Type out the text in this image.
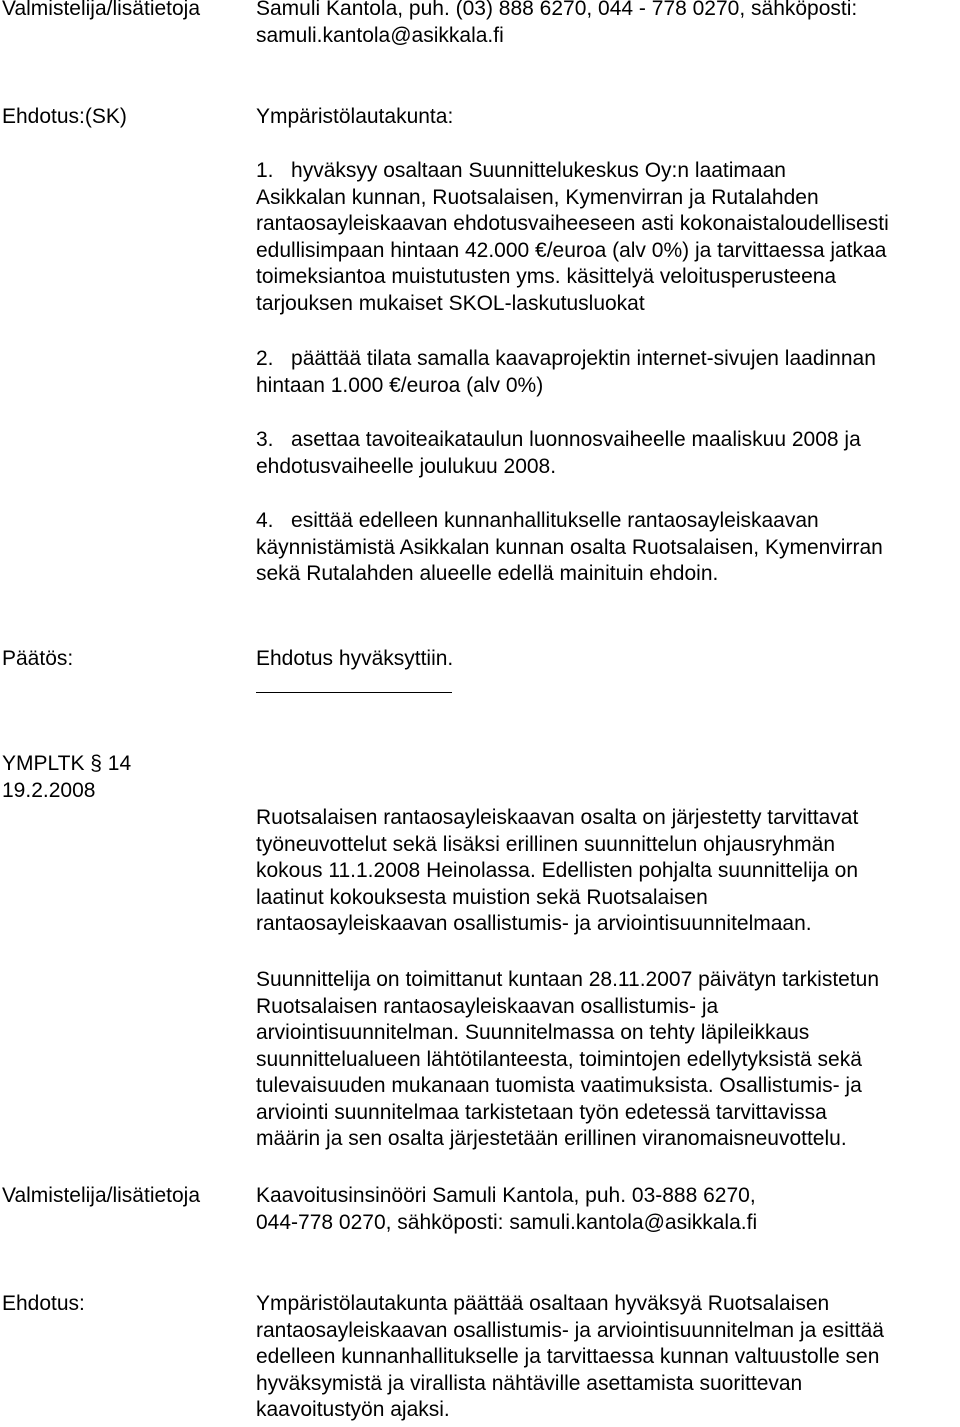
Valmistelija/lisätietoja	Samuli Kantola, puh. (03) 888 6270, 044 - 778 0270, sähköposti:
samuli.kantola@asikkala.fi
Ehdotus:(SK)	Ympäristölautakunta:
1.   hyväksyy osaltaan Suunnittelukeskus Oy:n laatimaan
Asikkalan kunnan, Ruotsalaisen, Kymenvirran ja Rutalahden
rantaosayleiskaavan ehdotusvaiheeseen asti kokonaistaloudellisesti
edullisimpaan hintaan 42.000 €/euroa (alv 0%) ja tarvittaessa jatkaa
toimeksiantoa muistutusten yms. käsittelyä veloitusperusteena
tarjouksen mukaiset SKOL-laskutusluokat
2.   päättää tilata samalla kaavaprojektin internet-sivujen laadinnan
hintaan 1.000 €/euroa (alv 0%)
3.   asettaa tavoiteaikataulun luonnosvaiheelle maaliskuu 2008 ja
ehdotusvaiheelle joulukuu 2008.
4.   esittää edelleen kunnanhallitukselle rantaosayleiskaavan
käynnistämistä Asikkalan kunnan osalta Ruotsalaisen, Kymenvirran
sekä Rutalahden alueelle edellä mainituin ehdoin.
Päätös:	Ehdotus hyväksyttiin.
YMPLTK § 14
19.2.2008
Ruotsalaisen rantaosayleiskaavan osalta on järjestetty tarvittavat
työneuvottelut sekä lisäksi erillinen suunnittelun ohjausryhmän
kokous 11.1.2008 Heinolassa. Edellisten pohjalta suunnittelija on
laatinut kokouksesta muistion sekä Ruotsalaisen
rantaosayleiskaavan osallistumis- ja arviointisuunnitelmaan.
Suunnittelija on toimittanut kuntaan 28.11.2007 päivätyn tarkistetun
Ruotsalaisen rantaosayleiskaavan osallistumis- ja
arviointisuunnitelman. Suunnitelmassa on tehty läpileikkaus
suunnittelualueen lähtötilanteesta, toimintojen edellytyksistä sekä
tulevaisuuden mukanaan tuomista vaatimuksista. Osallistumis- ja
arviointi suunnitelmaa tarkistetaan työn edetessä tarvittavissa
määrin ja sen osalta järjestetään erillinen viranomaisneuvottelu.
Valmistelija/lisätietoja	Kaavoitusinsinööri Samuli Kantola, puh. 03-888 6270,
044-778 0270, sähköposti: samuli.kantola@asikkala.fi
Ehdotus:	Ympäristölautakunta päättää osaltaan hyväksyä Ruotsalaisen
rantaosayleiskaavan osallistumis- ja arviointisuunnitelman ja esittää
edelleen kunnanhallitukselle ja tarvittaessa kunnan valtuustolle sen
hyväksymistä ja virallista nähtäville asettamista suorittevan
kaavoitustyön ajaksi.
